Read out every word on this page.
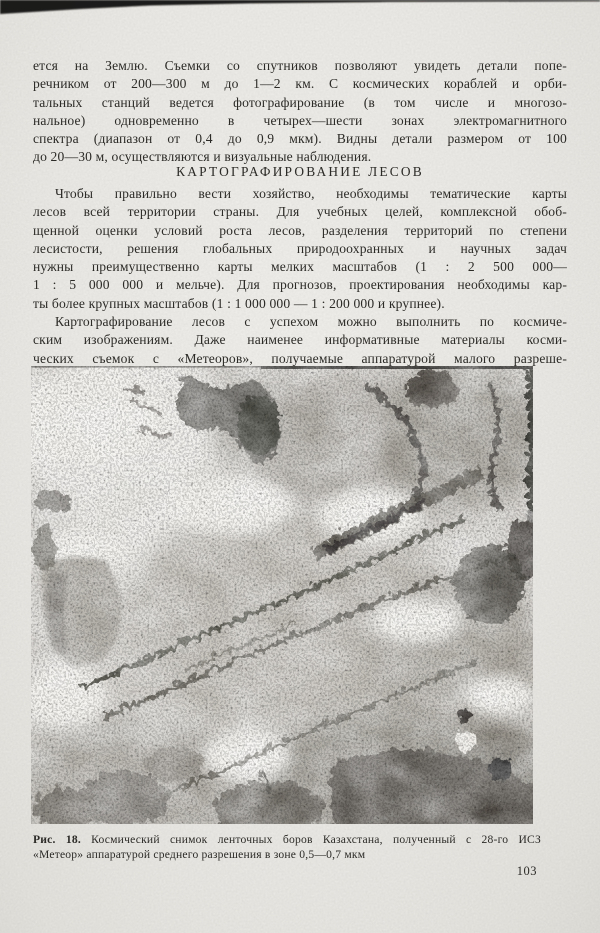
ется на Землю. Съемки со спутников позволяют увидеть детали попе-
речником от 200—300 м до 1—2 км. С космических кораблей и орби-
тальных станций ведется фотографирование (в том числе и многозо-
нальное) одновременно в четырех—шести зонах электромагнитного
спектра (диапазон от 0,4 до 0,9 мкм). Видны детали размером от 100
до 20—30 м, осуществляются и визуальные наблюдения.
КАРТОГРАФИРОВАНИЕ ЛЕСОВ
Чтобы правильно вести хозяйство, необходимы тематические карты
лесов всей территории страны. Для учебных целей, комплексной обоб-
щенной оценки условий роста лесов, разделения территорий по степени
лесистости, решения глобальных природоохранных и научных задач
нужны преимущественно карты мелких масштабов (1 : 2 500 000—
1 : 5 000 000 и мельче). Для прогнозов, проектирования необходимы кар-
ты более крупных масштабов (1 : 1 000 000 — 1 : 200 000 и крупнее).
Картографирование лесов с успехом можно выполнить по космиче-
ским изображениям. Даже наименее информативные материалы косми-
ческих съемок с «Метеоров», получаемые аппаратурой малого разреше-
Рис. 18. Космический снимок ленточных боров Казахстана, полученный с 28-го ИСЗ
«Метеор» аппаратурой среднего разрешения в зоне 0,5—0,7 мкм
103
